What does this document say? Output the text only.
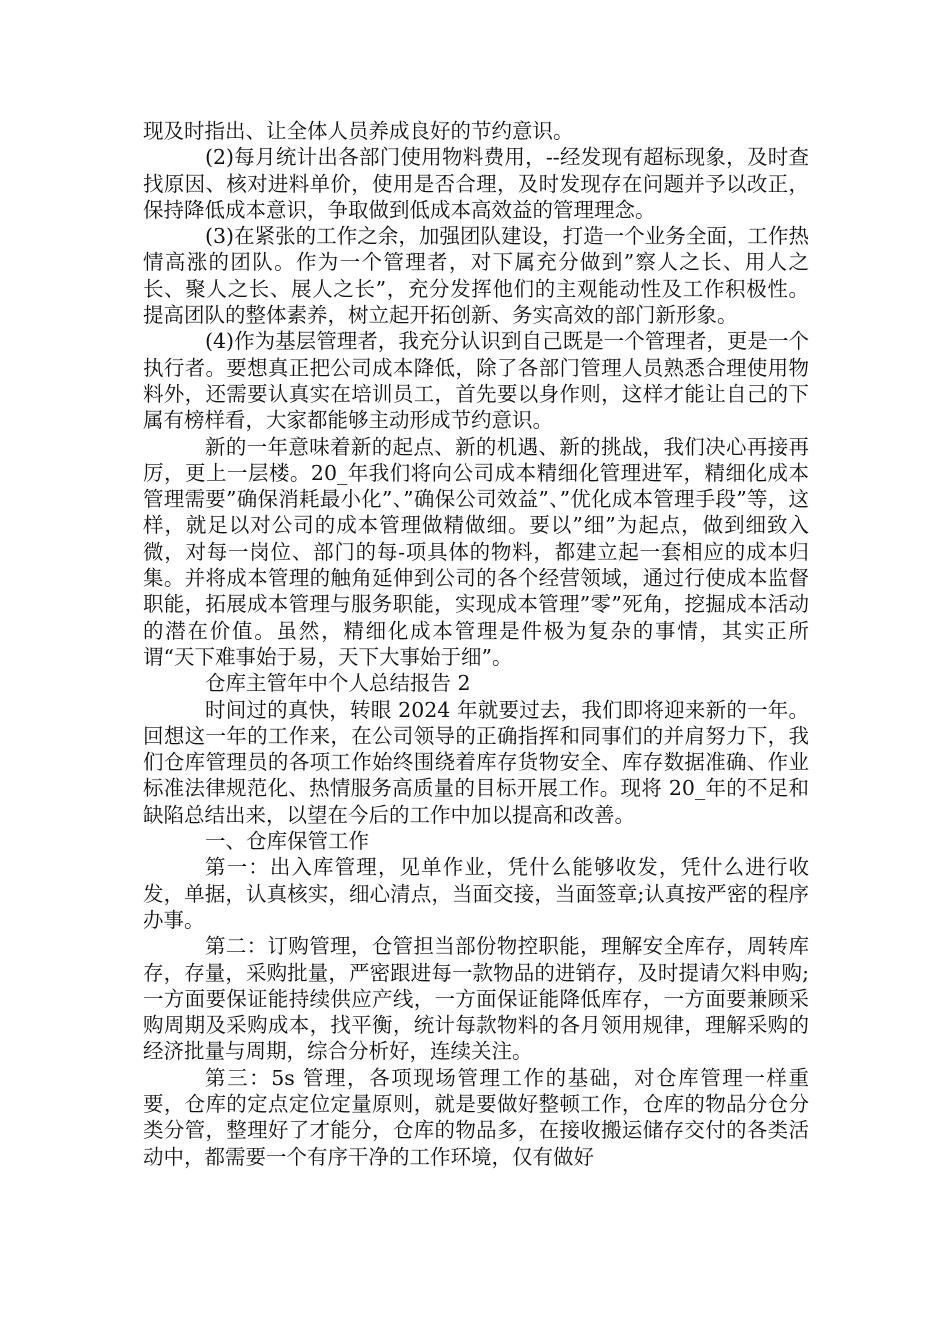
现及时指出、让全体人员养成良好的节约意识。

(2)每月统计出各部门使用物料费用，--经发现有超标现象，及时查找原因、核对进料单价，使用是否合理，及时发现存在问题并予以改正，保持降低成本意识，争取做到低成本高效益的管理理念。

(3)在紧张的工作之余，加强团队建设，打造一个业务全面，工作热情高涨的团队。作为一个管理者，对下属充分做到”察人之长、用人之长、聚人之长、展人之长”，充分发挥他们的主观能动性及工作积极性。提高团队的整体素养，树立起开拓创新、务实高效的部门新形象。

(4)作为基层管理者，我充分认识到自己既是一个管理者，更是一个执行者。要想真正把公司成本降低，除了各部门管理人员熟悉合理使用物料外，还需要认真实在培训员工，首先要以身作则，这样才能让自己的下属有榜样看，大家都能够主动形成节约意识。

新的一年意味着新的起点、新的机遇、新的挑战，我们决心再接再厉，更上一层楼。20_年我们将向公司成本精细化管理进军，精细化成本管理需要”确保消耗最小化”、”确保公司效益”、”优化成本管理手段”等，这样，就足以对公司的成本管理做精做细。要以”细”为起点，做到细致入微，对每一岗位、部门的每-项具体的物料，都建立起一套相应的成本归集。并将成本管理的触角延伸到公司的各个经营领域，通过行使成本监督职能，拓展成本管理与服务职能，实现成本管理”零”死角，挖掘成本活动的潜在价值。虽然，精细化成本管理是件极为复杂的事情，其实正所谓“天下难事始于易，天下大事始于细”。

仓库主管年中个人总结报告 2

时间过的真快，转眼 2024 年就要过去，我们即将迎来新的一年。回想这一年的工作来，在公司领导的正确指挥和同事们的并肩努力下，我们仓库管理员的各项工作始终围绕着库存货物安全、库存数据准确、作业标准法律规范化、热情服务高质量的目标开展工作。现将 20_年的不足和缺陷总结出来，以望在今后的工作中加以提高和改善。

一、仓库保管工作

第一：出入库管理，见单作业，凭什么能够收发，凭什么进行收发，单据，认真核实，细心清点，当面交接，当面签章;认真按严密的程序办事。

第二：订购管理，仓管担当部份物控职能，理解安全库存，周转库存，存量，采购批量，严密跟进每一款物品的进销存，及时提请欠料申购;一方面要保证能持续供应产线，一方面保证能降低库存，一方面要兼顾采购周期及采购成本，找平衡，统计每款物料的各月领用规律，理解采购的经济批量与周期，综合分析好，连续关注。

第三：5s 管理，各项现场管理工作的基础，对仓库管理一样重要，仓库的定点定位定量原则，就是要做好整顿工作，仓库的物品分仓分类分管，整理好了才能分，仓库的物品多，在接收搬运储存交付的各类活动中，都需要一个有序干净的工作环境，仅有做好
